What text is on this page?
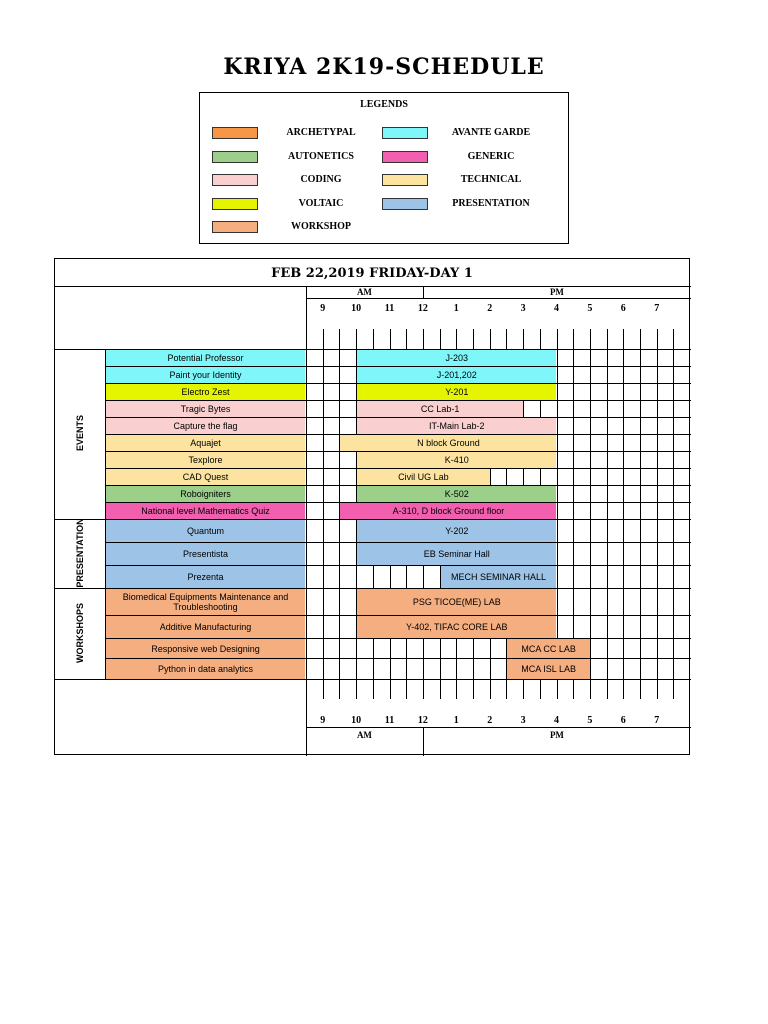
KRIYA 2K19-SCHEDULE
LEGENDS
ARCHETYPAL
AUTONETICS
CODING
VOLTAIC
WORKSHOP
AVANTE GARDE
GENERIC
TECHNICAL
PRESENTATION
FEB 22,2019 FRIDAY-DAY 1
AM	PM
AM	PM
9
9
10
10
11
11
12
12
1
1
2
2
3
3
4
4
5
5
6
6
7
7
EVENTS
PRESENTATION
WORKSHOPS
Potential Professor	J-203
Paint your Identity	J-201,202
Electro Zest	Y-201
Tragic Bytes	CC Lab-1
Capture the flag	IT-Main Lab-2
Aquajet	N block Ground
Texplore	K-410
CAD Quest	Civil UG Lab
Roboigniters	K-502
National level Mathematics Quiz	A-310, D block Ground floor
Quantum	Y-202
Presentista	EB Seminar Hall
Prezenta	MECH SEMINAR HALL
Biomedical Equipments Maintenance and Troubleshooting	PSG TICOE(ME) LAB
Additive Manufacturing	Y-402, TIFAC CORE LAB
Responsive web Designing	MCA CC LAB
Python in data analytics	MCA ISL LAB
